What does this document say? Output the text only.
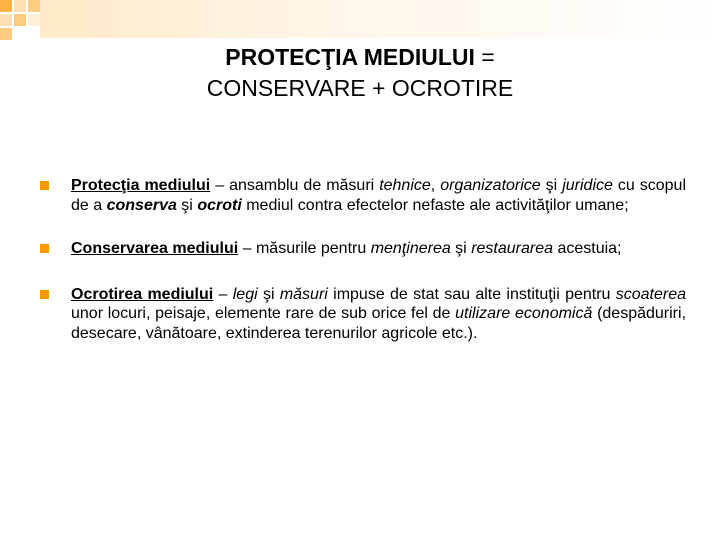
PROTECŢIA MEDIULUI =
CONSERVARE + OCROTIRE
Protecţia mediului – ansamblu de măsuri tehnice, organizatorice şi juridice cu scopul de a conserva şi ocroti mediul contra efectelor nefaste ale activităţilor umane;
Conservarea mediului – măsurile pentru menţinerea şi restaurarea acestuia;
Ocrotirea mediului – legi şi măsuri impuse de stat sau alte instituţii pentru scoaterea unor locuri, peisaje, elemente rare de sub orice fel de utilizare economică (despăduriri, desecare, vânătoare, extinderea terenurilor agricole etc.).
